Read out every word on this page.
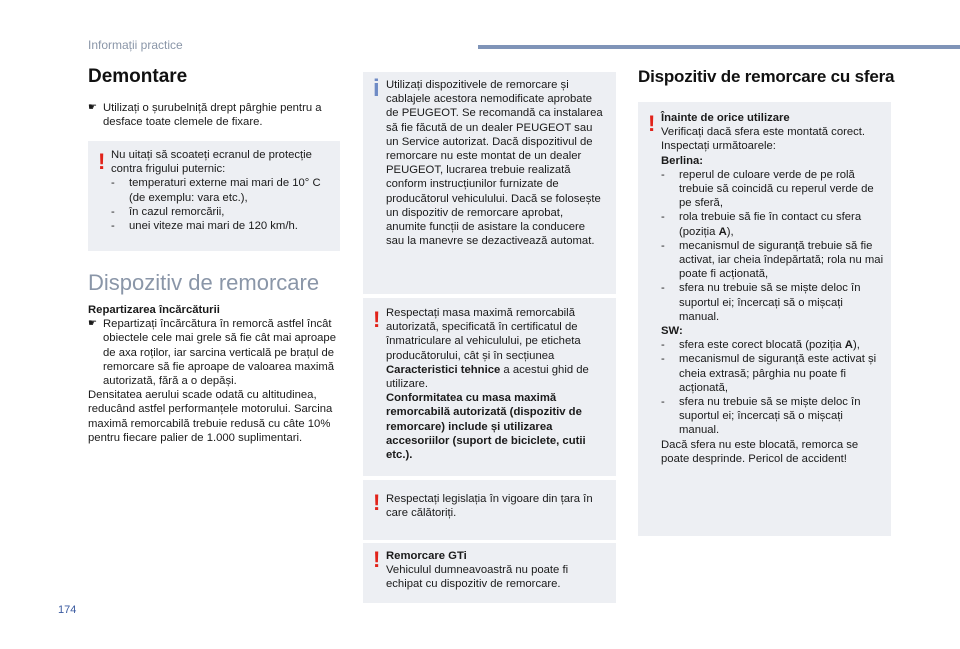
Informații practice
Demontare
☛ Utilizați o șurubelniță drept pârghie pentru a desface toate clemele de fixare.
! Nu uitați să scoateți ecranul de protecție contra frigului puternic:

-	temperaturi externe mai mari de 10° C (de exemplu: vara etc.),
-	în cazul remorcării,
-	unei viteze mai mari de 120 km/h.
Dispozitiv de remorcare

Repartizarea încărcăturii

☛ Repartizați încărcătura în remorcă astfel încât obiectele cele mai grele să fie cât mai aproape de axa roților, iar sarcina verticală pe brațul de remorcare să fie aproape de valoarea maximă autorizată, fără a o depăși.

Densitatea aerului scade odată cu altitudinea, reducând astfel performanțele motorului. Sarcina maximă remorcabilă trebuie redusă cu câte 10% pentru fiecare palier de 1.000 suplimentari.

i Utilizați dispozitivele de remorcare și cablajele acestora nemodificate aprobate de PEUGEOT. Se recomandă ca instalarea să fie făcută de un dealer PEUGEOT sau un Service autorizat. Dacă dispozitivul de remorcare nu este montat de un dealer PEUGEOT, lucrarea trebuie realizată conform instrucțiunilor furnizate de producătorul vehiculului. Dacă se folosește un dispozitiv de remorcare aprobat, anumite funcții de asistare la conducere sau la manevre se dezactivează automat.

! Respectați masa maximă remorcabilă autorizată, specificată în certificatul de înmatriculare al vehiculului, pe eticheta producătorului, cât și în secțiunea Caracteristici tehnice a acestui ghid de utilizare.

Conformitatea cu masa maximă remorcabilă autorizată (dispozitiv de remorcare) include și utilizarea accesoriilor (suport de biciclete, cutii etc.).

! Respectați legislația în vigoare din țara în care călătoriți.

! Remorcare GTi

Vehiculul dumneavoastră nu poate fi echipat cu dispozitiv de remorcare.

Dispozitiv de remorcare cu sfera
! Înainte de orice utilizare

Verificați dacă sfera este montată corect. Inspectați următoarele:

Berlina:

-	reperul de culoare verde de pe rolă trebuie să coincidă cu reperul verde de pe sferă,
-	rola trebuie să fie în contact cu sfera (poziția A),
-	mecanismul de siguranță trebuie să fie activat, iar cheia îndepărtată; rola nu mai poate fi acționată,
-	sfera nu trebuie să se miște deloc în suportul ei; încercați să o mișcați manual.

SW:

-	sfera este corect blocată (poziția A),
-	mecanismul de siguranță este activat și cheia extrasă; pârghia nu poate fi acționată,
-	sfera nu trebuie să se miște deloc în suportul ei; încercați să o mișcați manual.

Dacă sfera nu este blocată, remorca se poate desprinde. Pericol de accident!

174
